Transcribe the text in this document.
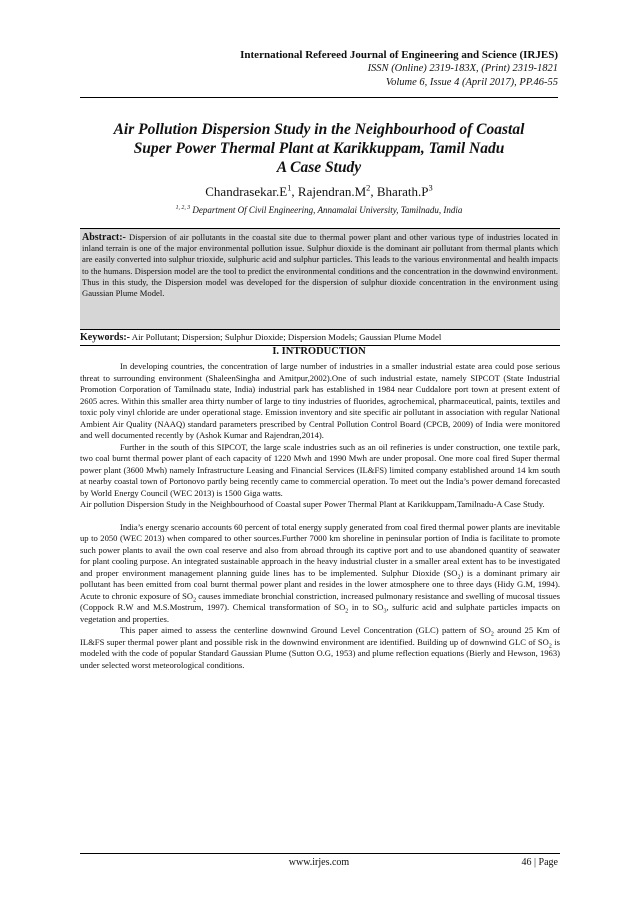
International Refereed Journal of Engineering and Science (IRJES)
ISSN (Online) 2319-183X, (Print) 2319-1821
Volume 6, Issue 4 (April 2017), PP.46-55
Air Pollution Dispersion Study in the Neighbourhood of Coastal
Super Power Thermal Plant at Karikkuppam, Tamil Nadu
A Case Study
$Chandrasekar.E^1$, $Rajendran.M^2$, $Bharath.P^3$
$^{1, 2, 3}$ Department Of Civil Engineering, Annamalai University, Tamilnadu, India
Abstract:- Dispersion of air pollutants in the coastal site due to thermal power plant and other various type of industries located in inland terrain is one of the major environmental pollution issue. Sulphur dioxide is the dominant air pollutant from thermal plants which are easily converted into sulphur trioxide, sulphuric acid and sulphur particles. This leads to the various environmental and health impacts to the humans. Dispersion model are the tool to predict the environmental conditions and the concentration in the downwind environment. Thus in this study, the Dispersion model was developed for the dispersion of sulphur dioxide concentration in the environment using Gaussian Plume Model.
Keywords:- Air Pollutant; Dispersion; Sulphur Dioxide; Dispersion Models; Gaussian Plume Model
I. INTRODUCTION

In developing countries, the concentration of large number of industries in a smaller industrial estate area could pose serious threat to surrounding environment (ShaleenSingha and Amitpur,2002).One of such industrial estate, namely SIPCOT (State Industrial Promotion Corporation of Tamilnadu state, India) industrial park has established in 1984 near Cuddalore port town at present extent of 2605 acres. Within this smaller area thirty number of large to tiny industries of fluorides, agrochemical, pharmaceutical, paints, textiles and toxic poly vinyl chloride are under operational stage. Emission inventory and site specific air pollutant in association with regular National Ambient Air Quality (NAAQ) standard parameters prescribed by Central Pollution Control Board (CPCB, 2009) of India were monitored and well documented recently by (Ashok Kumar and Rajendran,2014).

Further in the south of this SIPCOT, the large scale industries such as an oil refineries is under construction, one textile park, two coal burnt thermal power plant of each capacity of 1220 Mwh and 1990 Mwh are under proposal. One more coal fired Super thermal power plant (3600 Mwh) namely Infrastructure Leasing and Financial Services (IL&FS) limited company established around 14 km south at nearby coastal town of Portonovo partly being recently came to commercial operation. To meet out the India’s power demand forecasted by World Energy Council (WEC 2013) is 1500 Giga watts.

Air pollution Dispersion Study in the Neighbourhood of Coastal super Power Thermal Plant at Karikkuppam,Tamilnadu-A Case Study.

India’s energy scenario accounts 60 percent of total energy supply generated from coal fired thermal power plants are inevitable up to 2050 (WEC 2013) when compared to other sources.Further 7000 km shoreline in peninsular portion of India is facilitate to promote such power plants to avail the own coal reserve and also from abroad through its captive port and to use abandoned quantity of seawater for plant cooling purpose. An integrated sustainable approach in the heavy industrial cluster in a smaller areal extent has to be investigated and proper environment management planning guide lines has to be implemented. Sulphur Dioxide $(SO_2)$ is a dominant primary air pollutant has been emitted from coal burnt thermal power plant and resides in the lower atmosphere one to three days (Hidy G.M, 1994). Acute to chronic exposure of $SO_2$ causes immediate bronchial constriction, increased pulmonary resistance and swelling of mucosal tissues (Coppock R.W and M.S.Mostrum, 1997). Chemical transformation of $SO_2$ in to $SO_3$, sulfuric acid and sulphate particles impacts on vegetation and properties.

This paper aimed to assess the centerline downwind Ground Level Concentration (GLC) pattern of $SO_2$ around 25 Km of IL&FS super thermal power plant and possible risk in the downwind environment are identified. Building up of downwind GLC of $SO_2$ is modeled with the code of popular Standard Gaussian Plume (Sutton O.G, 1953) and plume reflection equations (Bierly and Hewson, 1963) under selected worst meteorological conditions.

www.irjes.com	46 | Page
